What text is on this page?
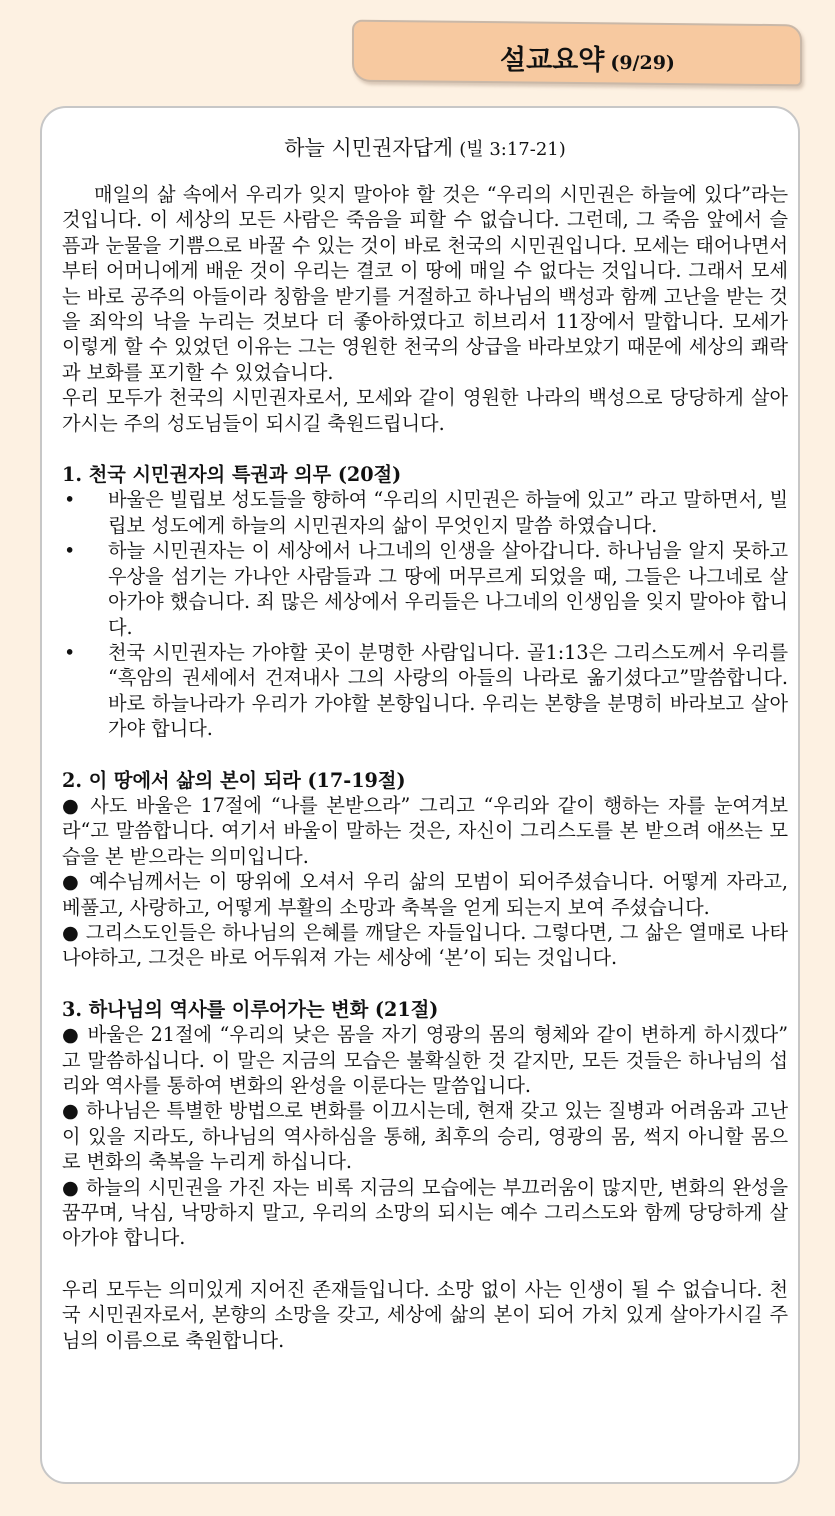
설교요약 (9/29)
하늘 시민권자답게 (빌 3:17-21)

매일의 삶 속에서 우리가 잊지 말아야 할 것은 “우리의 시민권은 하늘에 있다”라는 것입니다. 이 세상의 모든 사람은 죽음을 피할 수 없습니다. 그런데, 그 죽음 앞에서 슬픔과 눈물을 기쁨으로 바꿀 수 있는 것이 바로 천국의 시민권입니다. 모세는 태어나면서부터 어머니에게 배운 것이 우리는 결코 이 땅에 매일 수 없다는 것입니다. 그래서 모세는 바로 공주의 아들이라 칭함을 받기를 거절하고 하나님의 백성과 함께 고난을 받는 것을 죄악의 낙을 누리는 것보다 더 좋아하였다고 히브리서 11장에서 말합니다. 모세가 이렇게 할 수 있었던 이유는 그는 영원한 천국의 상급을 바라보았기 때문에 세상의 쾌락과 보화를 포기할 수 있었습니다.

우리 모두가 천국의 시민권자로서, 모세와 같이 영원한 나라의 백성으로 당당하게 살아가시는 주의 성도님들이 되시길 축원드립니다.

1. 천국 시민권자의 특권과 의무 (20절)

• 바울은 빌립보 성도들을 향하여 “우리의 시민권은 하늘에 있고” 라고 말하면서, 빌립보 성도에게 하늘의 시민권자의 삶이 무엇인지 말씀 하였습니다.
• 하늘 시민권자는 이 세상에서 나그네의 인생을 살아갑니다. 하나님을 알지 못하고 우상을 섬기는 가나안 사람들과 그 땅에 머무르게 되었을 때, 그들은 나그네로 살아가야 했습니다. 죄 많은 세상에서 우리들은 나그네의 인생임을 잊지 말아야 합니다.
• 천국 시민권자는 가야할 곳이 분명한 사람입니다. 골1:13은 그리스도께서 우리를 “흑암의 권세에서 건져내사 그의 사랑의 아들의 나라로 옮기셨다고”말씀합니다. 바로 하늘나라가 우리가 가야할 본향입니다. 우리는 본향을 분명히 바라보고 살아가야 합니다.

2. 이 땅에서 삶의 본이 되라 (17-19절)

● 사도 바울은 17절에 “나를 본받으라” 그리고 “우리와 같이 행하는 자를 눈여겨보라“고 말씀합니다. 여기서 바울이 말하는 것은, 자신이 그리스도를 본 받으려 애쓰는 모습을 본 받으라는 의미입니다.

● 예수님께서는 이 땅위에 오셔서 우리 삶의 모범이 되어주셨습니다. 어떻게 자라고, 베풀고, 사랑하고, 어떻게 부활의 소망과 축복을 얻게 되는지 보여 주셨습니다.

● 그리스도인들은 하나님의 은혜를 깨달은 자들입니다. 그렇다면, 그 삶은 열매로 나타나야하고, 그것은 바로 어두워져 가는 세상에 ‘본’이 되는 것입니다.

3. 하나님의 역사를 이루어가는 변화 (21절)

● 바울은 21절에 “우리의 낮은 몸을 자기 영광의 몸의 형체와 같이 변하게 하시겠다” 고 말씀하십니다. 이 말은 지금의 모습은 불확실한 것 같지만, 모든 것들은 하나님의 섭리와 역사를 통하여 변화의 완성을 이룬다는 말씀입니다.

● 하나님은 특별한 방법으로 변화를 이끄시는데, 현재 갖고 있는 질병과 어려움과 고난이 있을 지라도, 하나님의 역사하심을 통해, 최후의 승리, 영광의 몸, 썩지 아니할 몸으로 변화의 축복을 누리게 하십니다.

● 하늘의 시민권을 가진 자는 비록 지금의 모습에는 부끄러움이 많지만, 변화의 완성을 꿈꾸며, 낙심, 낙망하지 말고, 우리의 소망의 되시는 예수 그리스도와 함께 당당하게 살아가야 합니다.

우리 모두는 의미있게 지어진 존재들입니다. 소망 없이 사는 인생이 될 수 없습니다. 천국 시민권자로서, 본향의 소망을 갖고, 세상에 삶의 본이 되어 가치 있게 살아가시길 주님의 이름으로 축원합니다.
